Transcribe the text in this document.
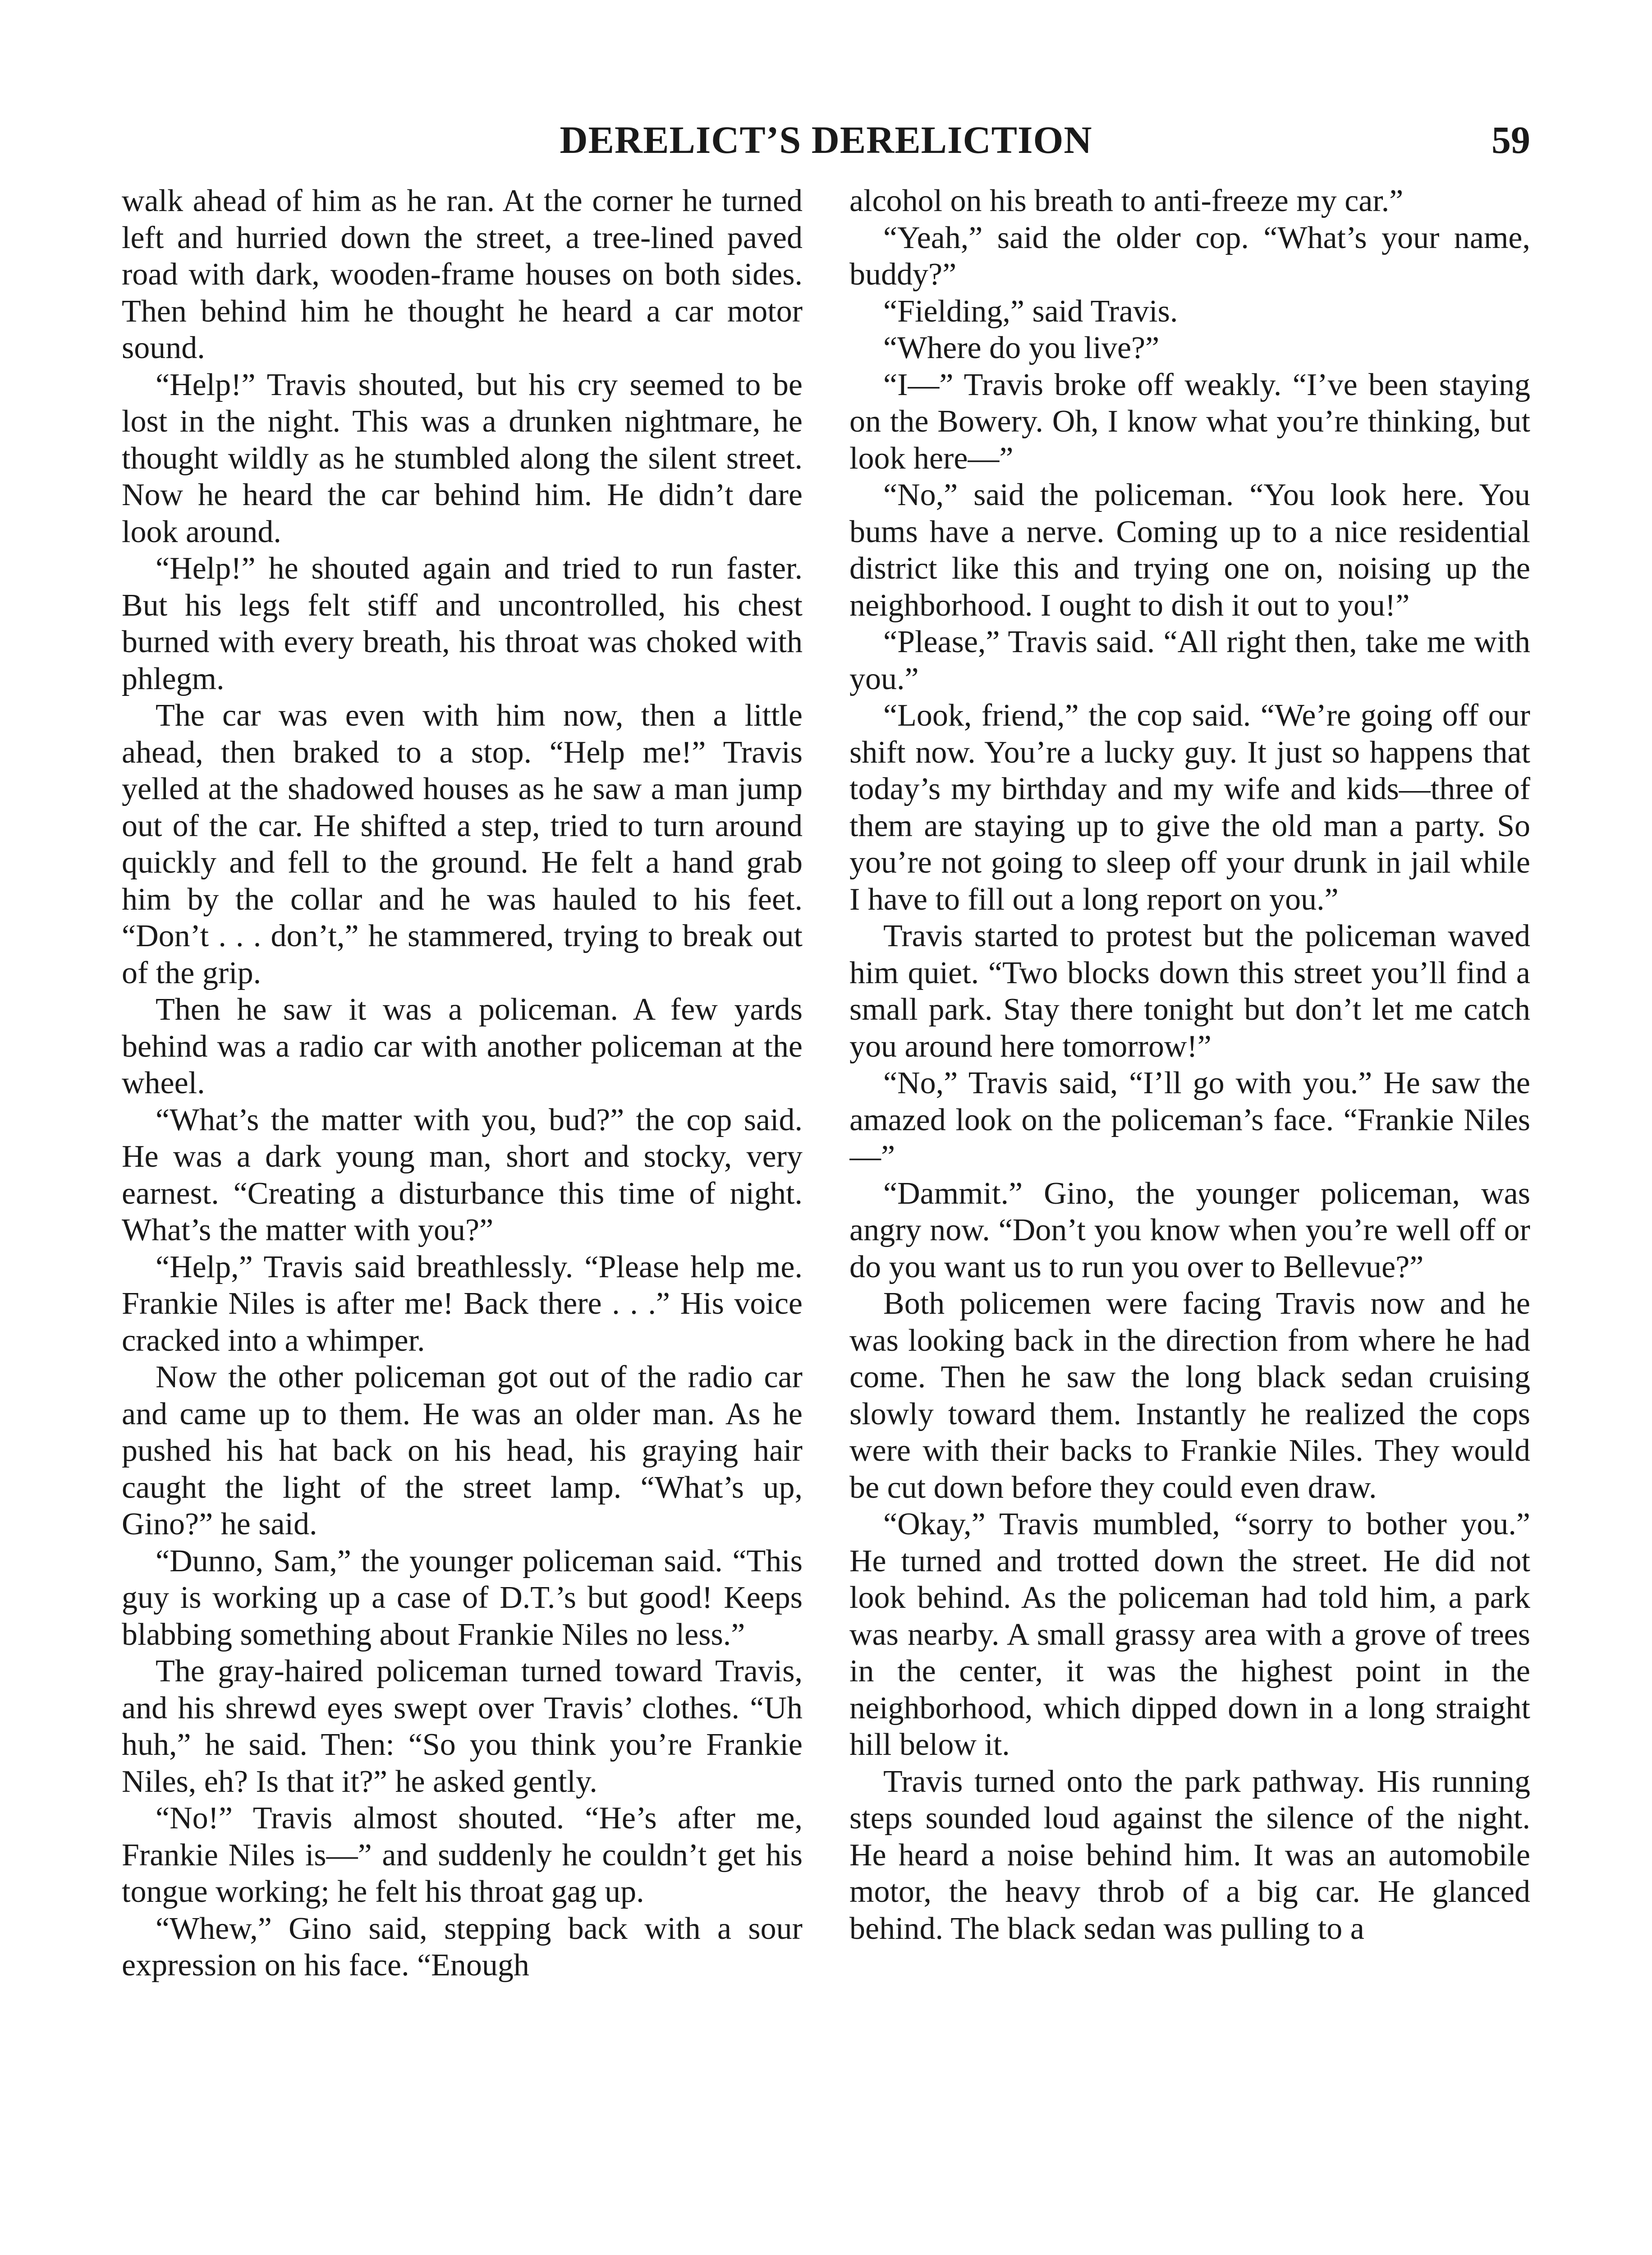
DERELICT’S DERELICTION	59

walk ahead of him as he ran. At the corner he turned left and hurried down the street, a tree-lined paved road with dark, wooden-frame houses on both sides. Then behind him he thought he heard a car motor sound.

“Help!” Travis shouted, but his cry seemed to be lost in the night. This was a drunken nightmare, he thought wildly as he stumbled along the silent street. Now he heard the car behind him. He didn’t dare look around.

“Help!” he shouted again and tried to run faster. But his legs felt stiff and uncontrolled, his chest burned with every breath, his throat was choked with phlegm.

The car was even with him now, then a little ahead, then braked to a stop. “Help me!” Travis yelled at the shadowed houses as he saw a man jump out of the car. He shifted a step, tried to turn around quickly and fell to the ground. He felt a hand grab him by the collar and he was hauled to his feet. “Don’t . . . don’t,” he stammered, trying to break out of the grip.

Then he saw it was a policeman. A few yards behind was a radio car with another policeman at the wheel.

“What’s the matter with you, bud?” the cop said. He was a dark young man, short and stocky, very earnest. “Creating a disturbance this time of night. What’s the matter with you?”

“Help,” Travis said breathlessly. “Please help me. Frankie Niles is after me! Back there . . .” His voice cracked into a whimper.

Now the other policeman got out of the radio car and came up to them. He was an older man. As he pushed his hat back on his head, his graying hair caught the light of the street lamp. “What’s up, Gino?” he said.

“Dunno, Sam,” the younger policeman said. “This guy is working up a case of D.T.’s but good! Keeps blabbing something about Frankie Niles no less.”

The gray-haired policeman turned toward Travis, and his shrewd eyes swept over Travis’ clothes. “Uh huh,” he said. Then: “So you think you’re Frankie Niles, eh? Is that it?” he asked gently.

“No!” Travis almost shouted. “He’s after me, Frankie Niles is—” and suddenly he couldn’t get his tongue working; he felt his throat gag up.

“Whew,” Gino said, stepping back with a sour expression on his face. “Enough

alcohol on his breath to anti-freeze my car.”

“Yeah,” said the older cop. “What’s your name, buddy?”

“Fielding,” said Travis.

“Where do you live?”

“I—” Travis broke off weakly. “I’ve been staying on the Bowery. Oh, I know what you’re thinking, but look here—”

“No,” said the policeman. “You look here. You bums have a nerve. Coming up to a nice residential district like this and trying one on, noising up the neighborhood. I ought to dish it out to you!”

“Please,” Travis said. “All right then, take me with you.”

“Look, friend,” the cop said. “We’re going off our shift now. You’re a lucky guy. It just so happens that today’s my birthday and my wife and kids—three of them are staying up to give the old man a party. So you’re not going to sleep off your drunk in jail while I have to fill out a long report on you.”

Travis started to protest but the policeman waved him quiet. “Two blocks down this street you’ll find a small park. Stay there tonight but don’t let me catch you around here tomorrow!”

“No,” Travis said, “I’ll go with you.” He saw the amazed look on the policeman’s face. “Frankie Niles—”

“Dammit.” Gino, the younger policeman, was angry now. “Don’t you know when you’re well off or do you want us to run you over to Bellevue?”

Both policemen were facing Travis now and he was looking back in the direction from where he had come. Then he saw the long black sedan cruising slowly toward them. Instantly he realized the cops were with their backs to Frankie Niles. They would be cut down before they could even draw.

“Okay,” Travis mumbled, “sorry to bother you.” He turned and trotted down the street. He did not look behind. As the policeman had told him, a park was nearby. A small grassy area with a grove of trees in the center, it was the highest point in the neighborhood, which dipped down in a long straight hill below it.

Travis turned onto the park pathway. His running steps sounded loud against the silence of the night. He heard a noise behind him. It was an automobile motor, the heavy throb of a big car. He glanced behind. The black sedan was pulling to a
